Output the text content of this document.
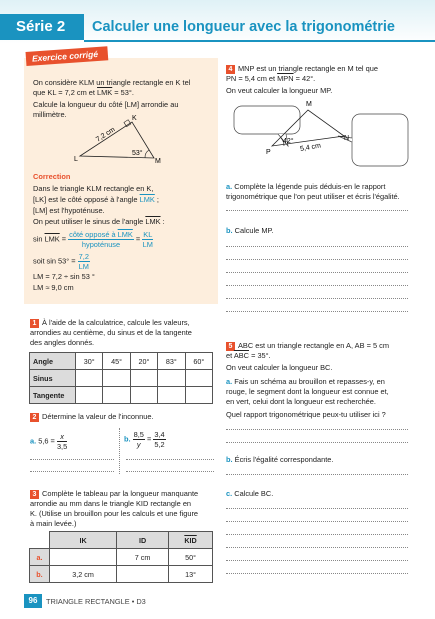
Série 2	Calculer une longueur avec la trigonométrie
Exercice corrigé
On considère KLM un triangle rectangle en K tel
que KL = 7,2 cm et $\overline{LMK} = 53^\circ$.
Calcule la longueur du côté [LM] arrondie au
millimètre.	K
L	M
7,2 cm
53°
Correction
Dans le triangle KLM rectangle en K,
[LK] est le côté opposé à l'angle $\overline{LMK}$ ;
[LM] est l'hypoténuse.
On peut utiliser le sinus de l'angle $\overline{LMK}$ :
$\sin \overline{LMK} = \frac{côté opposé à \overline{LMK}}{\text{hypoténuse}} = \frac{KL}{LM}$
soit $\sin 53^\circ = \frac{7,2}{LM}$
LM = 7,2 ÷ sin 53 °
LM ≈ 9,0 cm
1 À l'aide de la calculatrice, calcule les valeurs,
arrondies au centième, du sinus et de la tangente
des angles donnés.
Angle	30°	45°	20°	83°	60°
Sinus					
Tangente					
2 Détermine la valeur de l'inconnue.
a. $5,6 = \frac{x}{3,5}$	b. $\frac{8,5}{y} = \frac{3,4}{5,2}$
3 Complète le tableau par la longueur manquante
arrondie au mm dans le triangle KID rectangle en
K. (Utilise un brouillon pour les calculs et une figure
à main levée.)
	IK	ID	$\overline{KID}$
a.		7 cm	50°
b.	3,2 cm		13°
4 MNP est un triangle rectangle en M tel que
PN = 5,4 cm et $\overline{MPN} = 42^\circ$.
On veut calculer la longueur MP.
M
N
P
42°
5,4 cm
a. Complète la légende puis déduis-en le rapport
trigonométrique que l'on peut utiliser et écris l'égalité.
b. Calcule MP.
5 ABC est un triangle rectangle en A, AB = 5 cm
et $\overline{ABC} = 35^\circ$.
On veut calculer la longueur BC.
a. Fais un schéma au brouillon et repasses-y, en
rouge, le segment dont la longueur est connue et,
en vert, celui dont la longueur est recherchée.
Quel rapport trigonométrique peux-tu utiliser ici ?
b. Écris l'égalité correspondante.
c. Calcule BC.
96	TRIANGLE RECTANGLE • D3
